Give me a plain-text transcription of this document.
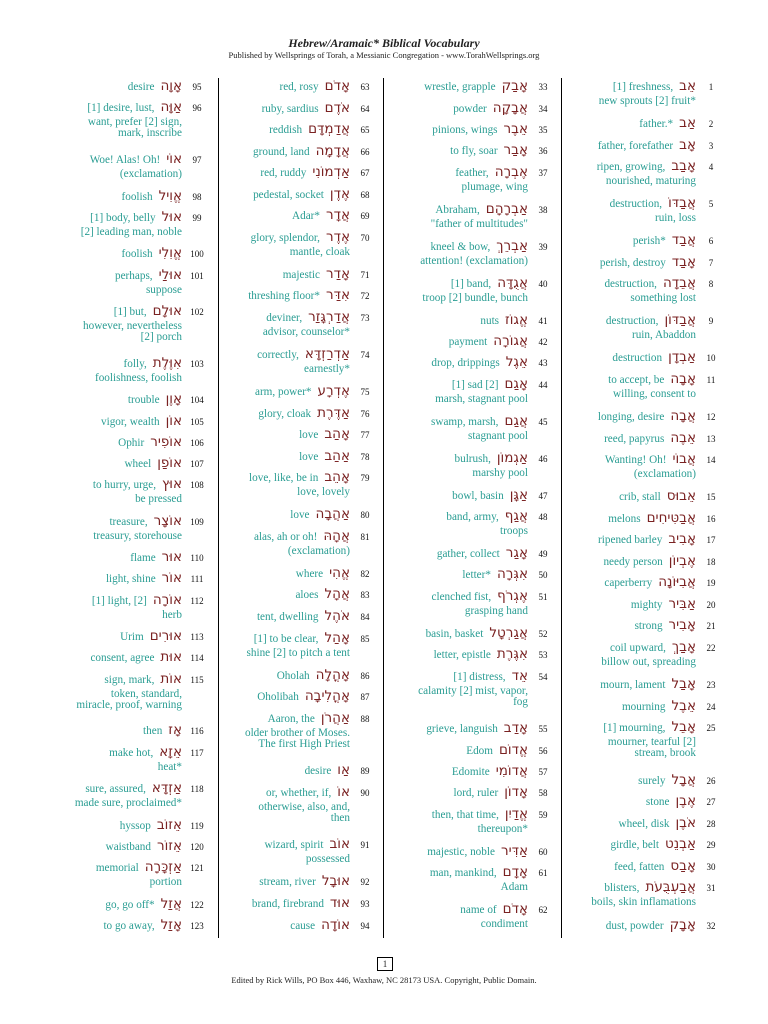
Hebrew/Aramaic* Biblical Vocabulary
Published by Wellsprings of Torah, a Messianic Congregation - www.TorahWellsprings.org
desire אָוָה	95
[1] desire, lust, אַוָּה	96
want, prefer [2] sign,
mark, inscribe
Woe! Alas! Oh! אוֹי	97
(exclamation)
foolish אֱוִיל	98
[1] body, belly אוּל	99
[2] leading man, noble
foolish אֱוִלִי 100
perhaps, אוּלַי 101
suppose
[1] but, אוּלָם 102
however, nevertheless
[2] porch
folly, אִוֶּלֶת 103
foolishness, foolish
trouble אָוֶן 104
vigor, wealth אוֹן 105
Ophir אוֹפִיר 106
wheel אוֹפַן 107
to hurry, urge, אוּץ 108
be pressed
treasure, אוֹצָר 109
treasury, storehouse
flame אוּר 110
light, shine אוֹר 111
[1] light, [2] אוֹרָה 112
herb
Urim אוּרִים 113
consent, agree אוּת 114
sign, mark, אוֹת 115
token, standard,
miracle, proof, warning
then אָז 116
make hot, אֵזָא 117
heat*
sure, assured, אַזְדָּא 118
made sure, proclaimed*
hyssop אֵזוֹב 119
waistband אֵזוֹר 120
memorial אַזְכָּרָה 121
portion
go, go off* אֲזַל 122
to go away, אָזַל 123
red, rosy אָדֹם	63
ruby, sardius אֹדֶם	64
reddish אֲדַמְדָּם	65
ground, land אֲדָמָה	66
red, ruddy אַדְמוֹנִי	67
pedestal, socket אֶדֶן	68
Adar* אֲדָר	69
glory, splendor, אֶדֶר	70
mantle, cloak
majestic אָדַר	71
threshing floor* אִדַּר	72
deviner, אֲדַרְגָּזַר	73
advisor, counselor*
correctly, אַדְרַזְדָּא	74
earnestly*
arm, power* אֶדְרָע	75
glory, cloak אַדֶּרֶת	76
love אָהַב	77
love אַהַב	78
love, like, be in אָהֵב	79
love, lovely
love אַהֲבָה	80
alas, ah or oh! אֲהָהּ	81
(exclamation)
where אֱהִי	82
aloes אֲהָל	83
tent, dwelling אֹהֶל	84
[1] to be clear, אָהַל	85
shine [2] to pitch a tent
Oholah אָהֳלָה	86
Oholibah אָהֳלִיבָה	87
Aaron, the אַהֲרֹן	88
older brother of Moses.
The first High Priest
desire אַו	89
or, whether, if, אוֹ	90
otherwise, also, and,
then
wizard, spirit אוֹב	91
possessed
stream, river אוּבָל	92
brand, firebrand אוּד	93
cause אוֹדָה	94
wrestle, grapple אָבַק	33
powder אֲבָקָה	34
pinions, wings אֵבֶר	35
to fly, soar אָבַר	36
feather, אֶבְרָה	37
plumage, wing
Abraham, אַבְרָהָם	38
"father of multitudes"
kneel & bow, אַבְרֵךְ	39
attention! (exclamation)
[1] band, אֲגֻדָּה	40
troop [2] bundle, bunch
nuts אֱגוֹז	41
payment אֲגוֹרָה	42
drop, drippings אֵגֶל	43
[1] sad [2] אָגַם	44
marsh, stagnant pool
swamp, marsh, אֲגַם	45
stagnant pool
bulrush, אַגְמוֹן	46
marshy pool
bowl, basin אַגָּן	47
band, army, אֲגַף	48
troops
gather, collect אָגַר	49
letter* אִגְּרָה	50
clenched fist, אֶגְרֹף	51
grasping hand
basin, basket אֲגַרְטָל	52
letter, epistle אִגֶּרֶת	53
[1] distress, אֵד	54
calamity [2] mist, vapor,
fog
grieve, languish אָדַב	55
Edom אֱדוֹם	56
Edomite אֲדוֹמִי	57
lord, ruler אָדוֹן	58
then, that time, אֱדַיִן	59
thereupon*
majestic, noble אַדִּיר	60
man, mankind, אָדָם	61
Adam
name of אָדֹם	62
condiment
[1] freshness, אֵב	1
new sprouts [2] fruit*
father.* אַב	2
father, forefather אָב	3
ripen, growing, אָבַב	4
nourished, maturing
destruction, אֲבַדּוֹ	5
ruin, loss
perish* אֲבַד	6
perish, destroy אָבַד	7
destruction, אֲבֵדָה	8
something lost
destruction, אֲבַדּוֹן	9
ruin, Abaddon
destruction אַבְדָן	10
to accept, be אָבָה	11
willing, consent to
longing, desire אֲבָה	12
reed, papyrus אֵבֶה	13
Wanting! Oh! אֲבוֹי	14
(exclamation)
crib, stall אֵבוּס	15
melons אֲבַטִּיחִים	16
ripened barley אָבִיב	17
needy person אֶבְיוֹן	18
caperberry אֲבִיּוֹנָה	19
mighty אַבִּיר	20
strong אָבִיר	21
coil upward, אָבַךְ	22
billow out, spreading
mourn, lament אָבַל	23
mourning אֵבֶל	24
[1] mourning, אָבֵל	25
mourner, tearful [2]
stream, brook
surely אֲבָל	26
stone אֶבֶן	27
wheel, disk אֹבֶן	28
girdle, belt אַבְנֵט	29
feed, fatten אָבַס	30
blisters, אֲבַעְבֻּעֹת	31
boils, skin inflamations
dust, powder אָבָק	32
1
Edited by Rick Wills, PO Box 446, Waxhaw, NC 28173 USA. Copyright, Public Domain.
